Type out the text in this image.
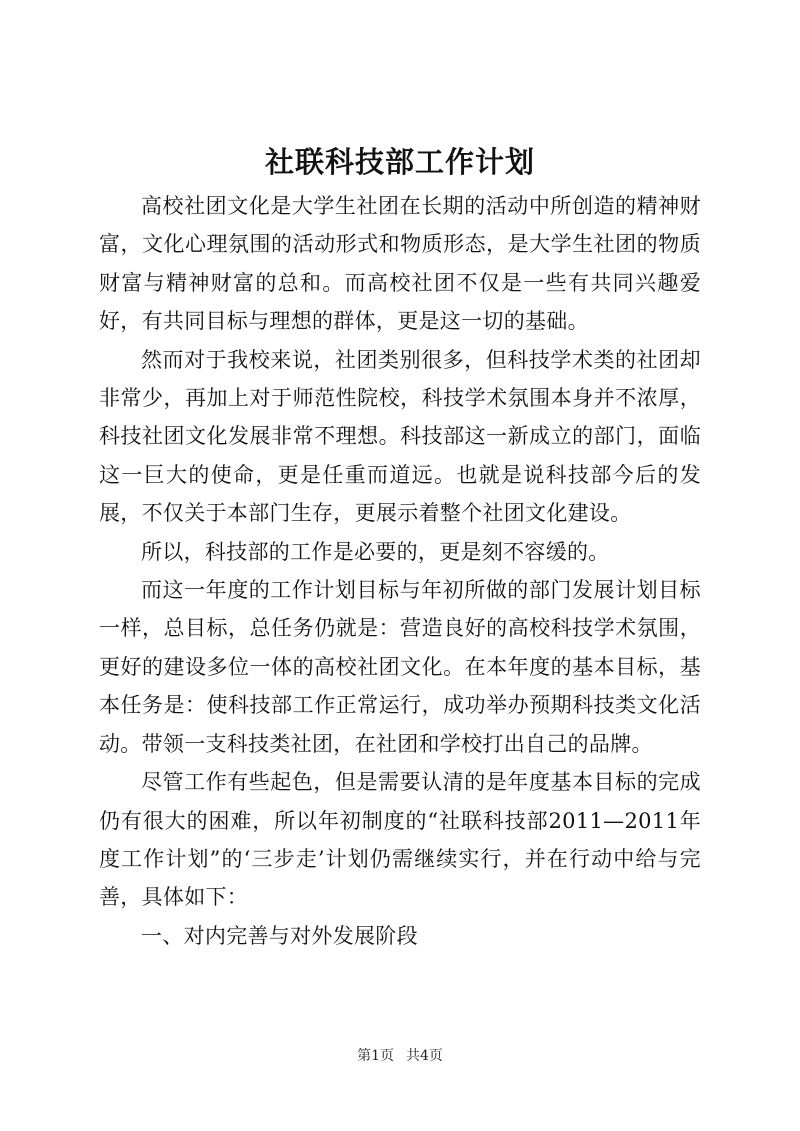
社联科技部工作计划

高校社团文化是大学生社团在长期的活动中所创造的精神财富，文化心理氛围的活动形式和物质形态，是大学生社团的物质财富与精神财富的总和。而高校社团不仅是一些有共同兴趣爱好，有共同目标与理想的群体，更是这一切的基础。

然而对于我校来说，社团类别很多，但科技学术类的社团却非常少，再加上对于师范性院校，科技学术氛围本身并不浓厚，科技社团文化发展非常不理想。科技部这一新成立的部门，面临这一巨大的使命，更是任重而道远。也就是说科技部今后的发展，不仅关于本部门生存，更展示着整个社团文化建设。

所以，科技部的工作是必要的，更是刻不容缓的。

而这一年度的工作计划目标与年初所做的部门发展计划目标一样，总目标，总任务仍就是：营造良好的高校科技学术氛围，更好的建设多位一体的高校社团文化。在本年度的基本目标，基本任务是：使科技部工作正常运行，成功举办预期科技类文化活动。带领一支科技类社团，在社团和学校打出自己的品牌。

尽管工作有些起色，但是需要认清的是年度基本目标的完成仍有很大的困难，所以年初制度的“社联科技部2011—2011年度工作计划”的‘三步走’计划仍需继续实行，并在行动中给与完善，具体如下：

一、对内完善与对外发展阶段

第1页 共4页
